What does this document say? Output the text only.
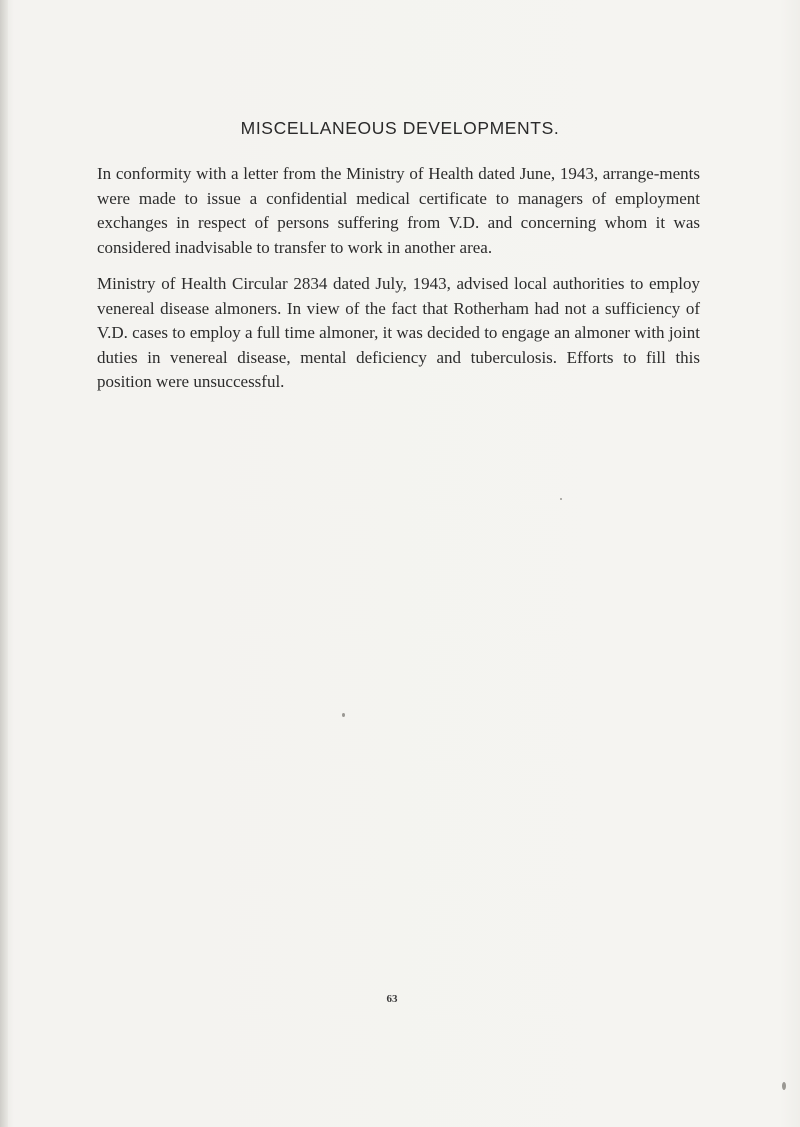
MISCELLANEOUS DEVELOPMENTS.

In conformity with a letter from the Ministry of Health dated June, 1943, arrange-ments were made to issue a confidential medical certificate to managers of employment exchanges in respect of persons suffering from V.D. and concerning whom it was considered inadvisable to transfer to work in another area.

Ministry of Health Circular 2834 dated July, 1943, advised local authorities to employ venereal disease almoners. In view of the fact that Rotherham had not a sufficiency of V.D. cases to employ a full time almoner, it was decided to engage an almoner with joint duties in venereal disease, mental deficiency and tuberculosis. Efforts to fill this position were unsuccessful.

63
